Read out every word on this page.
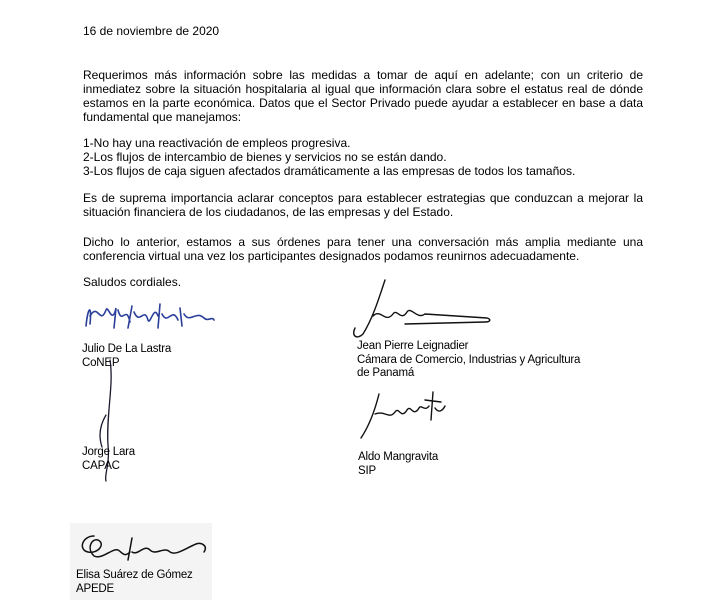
16 de noviembre de 2020
Requerimos más información sobre las medidas a tomar de aquí en adelante; con un criterio de inmediatez sobre la situación hospitalaria al igual que información clara sobre el estatus real de dónde estamos en la parte económica. Datos que el Sector Privado puede ayudar a establecer en base a data fundamental que manejamos:
1-No hay una reactivación de empleos progresiva.
2-Los flujos de intercambio de bienes y servicios no se están dando.
3-Los flujos de caja siguen afectados dramáticamente a las empresas de todos los tamaños.
Es de suprema importancia aclarar conceptos para establecer estrategias que conduzcan a mejorar la situación financiera de los ciudadanos, de las empresas y del Estado.
Dicho lo anterior, estamos a sus órdenes para tener una conversación más amplia mediante una conferencia virtual una vez los participantes designados podamos reunirnos adecuadamente.
Saludos cordiales.
Julio De La Lastra
CoNEP
Jorge Lara
CAPAC
Jean Pierre Leignadier
Cámara de Comercio, Industrias y Agricultura
de Panamá
Aldo Mangravita
SIP
Elisa Suárez de Gómez
APEDE
